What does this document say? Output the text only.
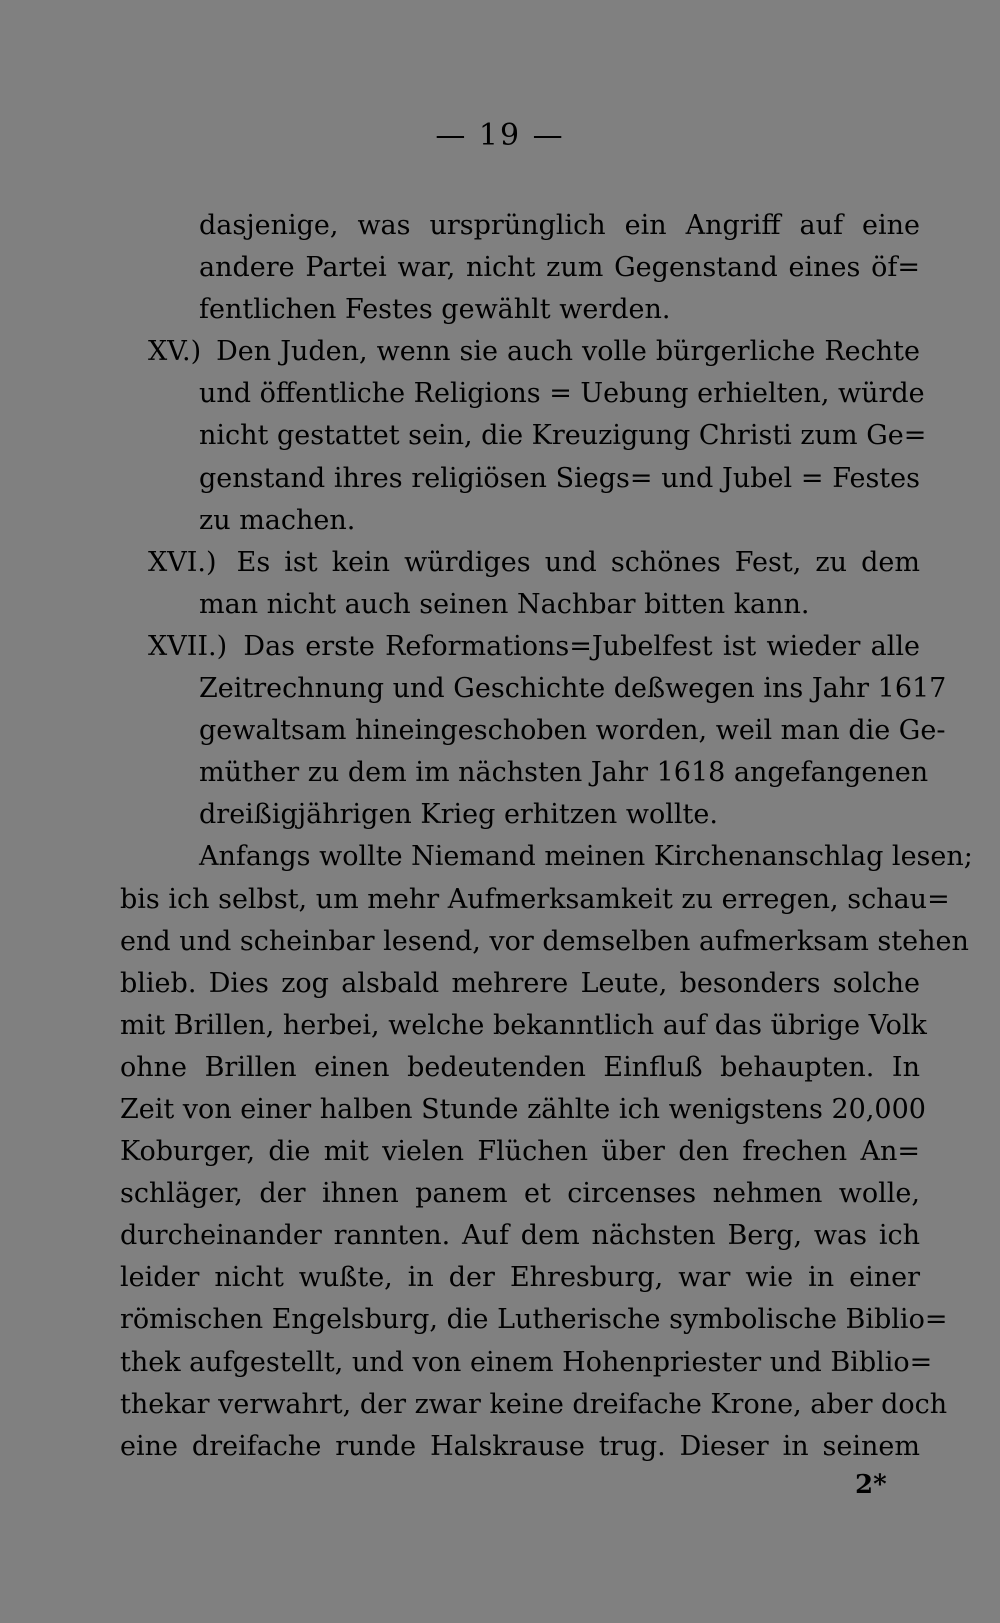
— 19 —
dasjenige, was ursprünglich ein Angriff auf eine
andere Partei war, nicht zum Gegenstand eines öf=
fentlichen Festes gewählt werden.
XV.) Den Juden, wenn sie auch volle bürgerliche Rechte
und öffentliche Religions = Uebung erhielten, würde
nicht gestattet sein, die Kreuzigung Christi zum Ge=
genstand ihres religiösen Siegs= und Jubel = Festes
zu machen.
XVI.) Es ist kein würdiges und schönes Fest, zu dem
man nicht auch seinen Nachbar bitten kann.
XVII.) Das erste Reformations=Jubelfest ist wieder alle
Zeitrechnung und Geschichte deßwegen ins Jahr 1617
gewaltsam hineingeschoben worden, weil man die Ge-
müther zu dem im nächsten Jahr 1618 angefangenen
dreißigjährigen Krieg erhitzen wollte.
Anfangs wollte Niemand meinen Kirchenanschlag lesen;
bis ich selbst, um mehr Aufmerksamkeit zu erregen, schau=
end und scheinbar lesend, vor demselben aufmerksam stehen
blieb. Dies zog alsbald mehrere Leute, besonders solche
mit Brillen, herbei, welche bekanntlich auf das übrige Volk
ohne Brillen einen bedeutenden Einfluß behaupten. In
Zeit von einer halben Stunde zählte ich wenigstens 20,000
Koburger, die mit vielen Flüchen über den frechen An=
schläger, der ihnen panem et circenses nehmen wolle,
durcheinander rannten. Auf dem nächsten Berg, was ich
leider nicht wußte, in der Ehresburg, war wie in einer
römischen Engelsburg, die Lutherische symbolische Biblio=
thek aufgestellt, und von einem Hohenpriester und Biblio=
thekar verwahrt, der zwar keine dreifache Krone, aber doch
eine dreifache runde Halskrause trug. Dieser in seinem
2*
